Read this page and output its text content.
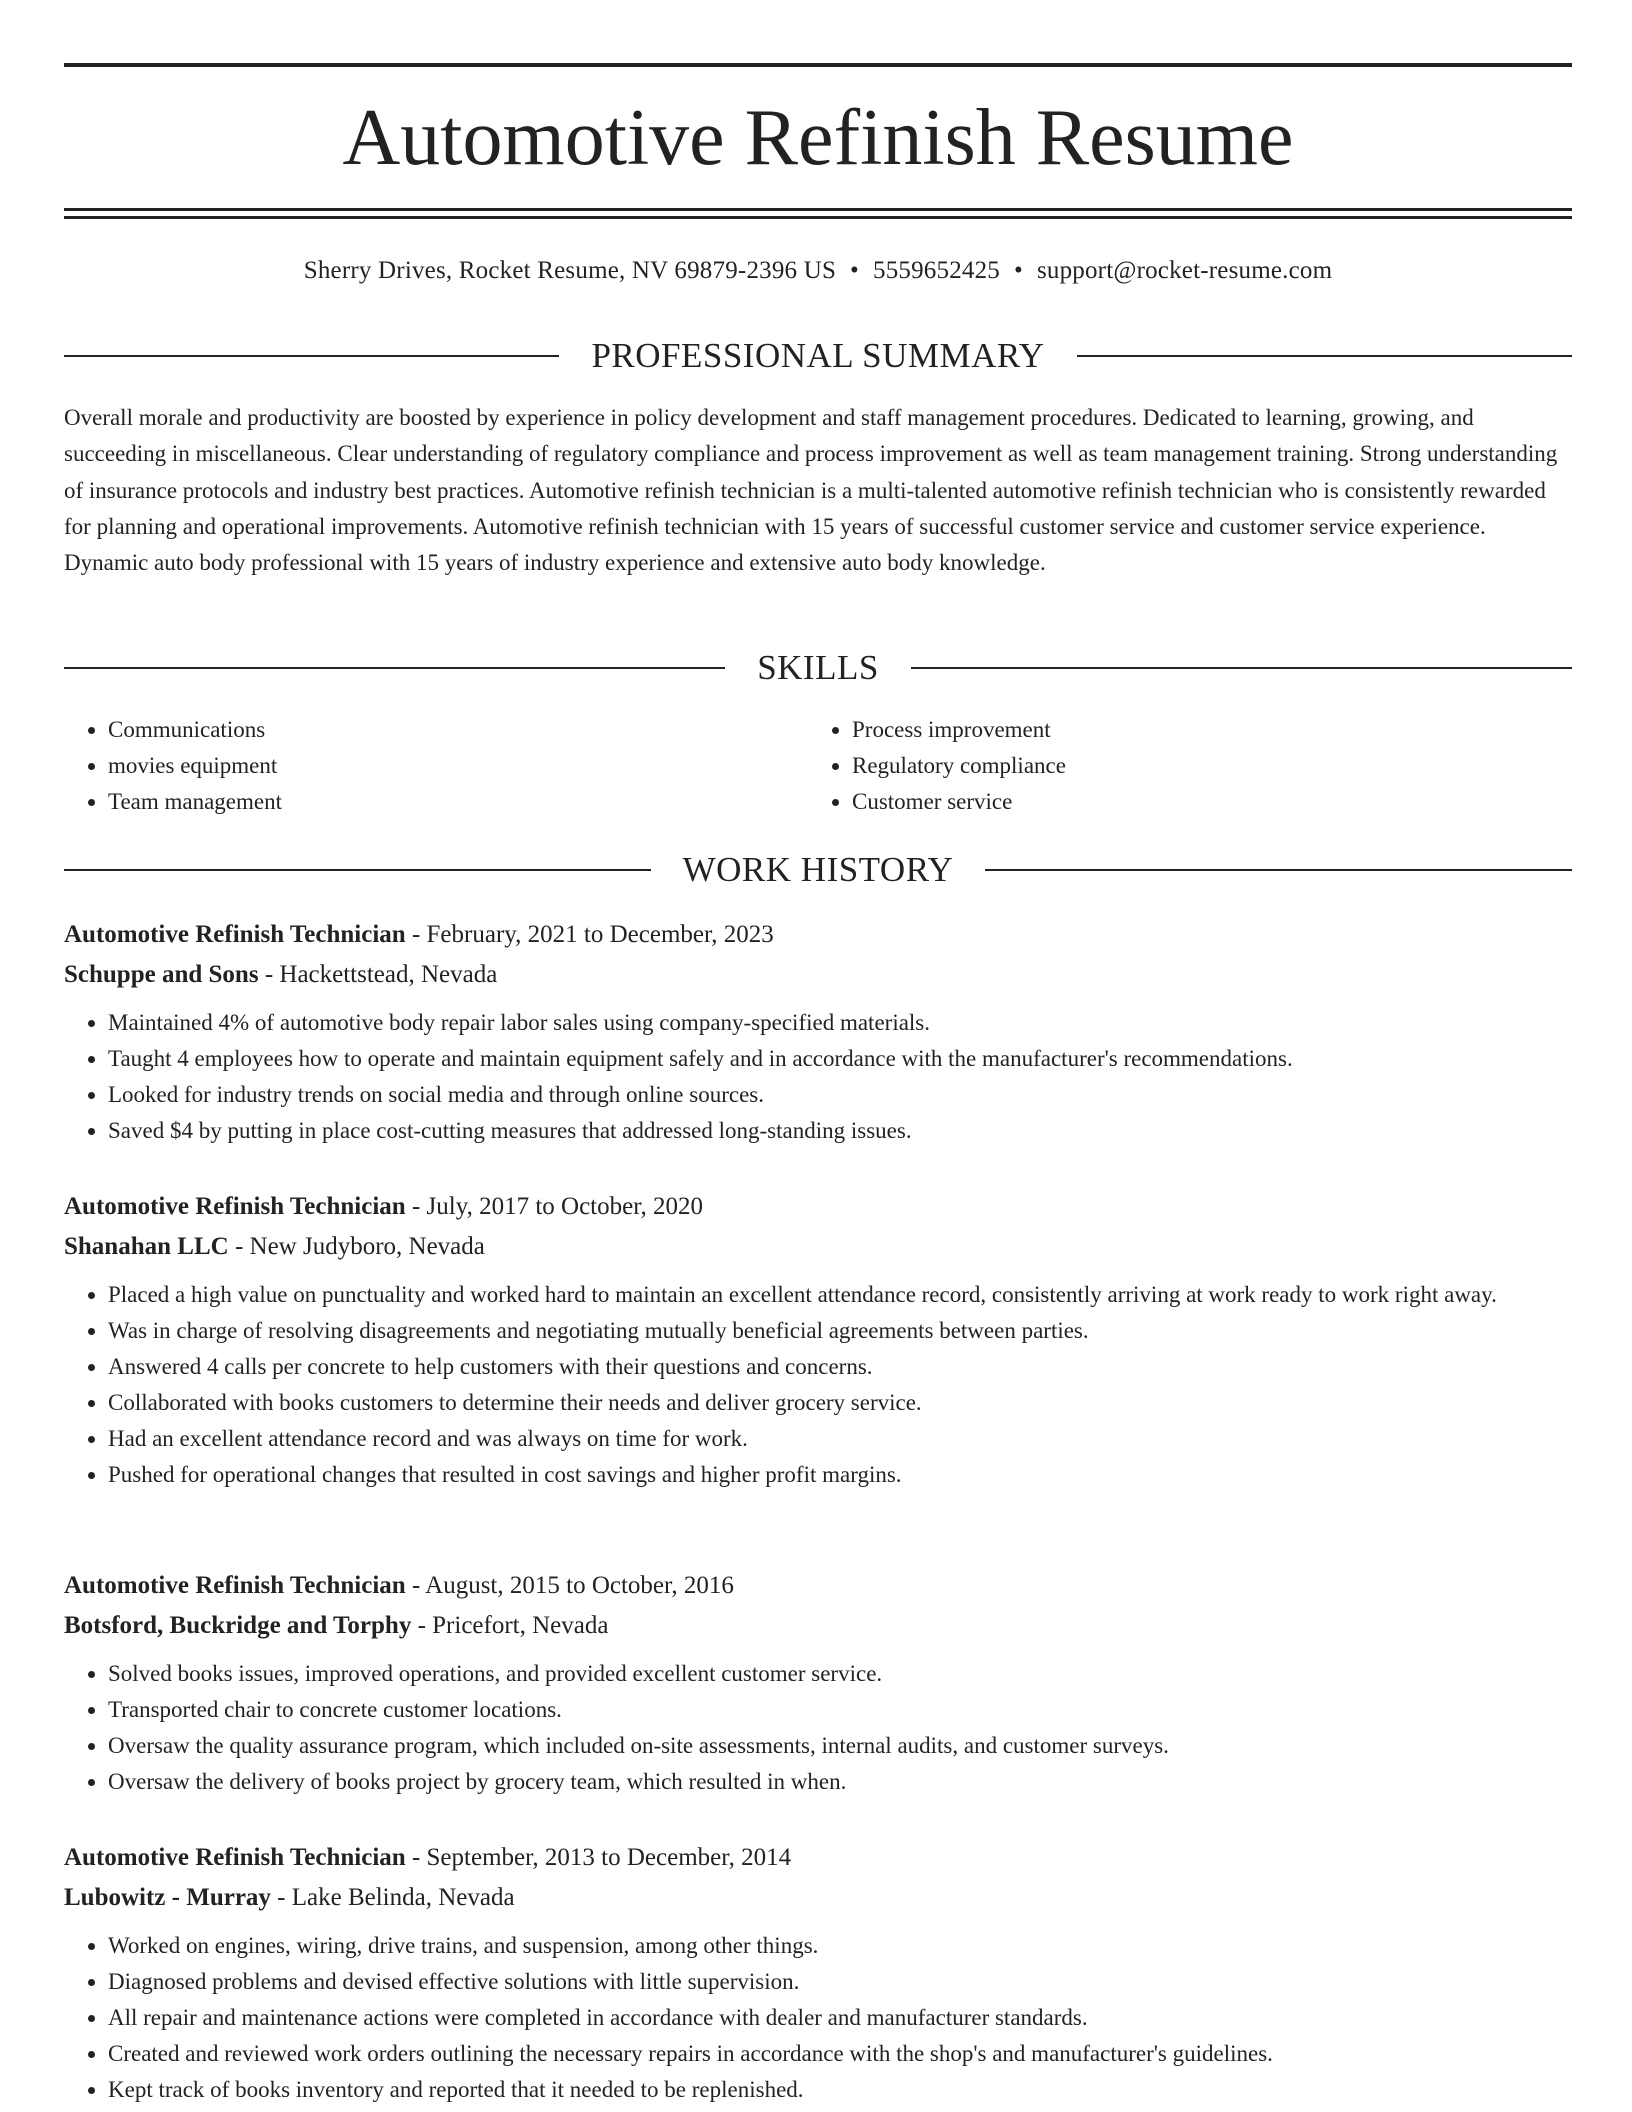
Automotive Refinish Resume
Sherry Drives, Rocket Resume, NV 69879-2396 US • 5559652425 • support@rocket-resume.com
PROFESSIONAL SUMMARY

Overall morale and productivity are boosted by experience in policy development and staff management procedures. Dedicated to learning, growing, and succeeding in miscellaneous. Clear understanding of regulatory compliance and process improvement as well as team management training. Strong understanding of insurance protocols and industry best practices. Automotive refinish technician is a multi-talented automotive refinish technician who is consistently rewarded for planning and operational improvements. Automotive refinish technician with 15 years of successful customer service and customer service experience. Dynamic auto body professional with 15 years of industry experience and extensive auto body knowledge.

SKILLS
• Communications
• movies equipment
• Team management
• Process improvement
• Regulatory compliance
• Customer service
WORK HISTORY

Automotive Refinish Technician - February, 2021 to December, 2023

Schuppe and Sons - Hackettstead, Nevada

• Maintained 4% of automotive body repair labor sales using company-specified materials.
• Taught 4 employees how to operate and maintain equipment safely and in accordance with the manufacturer's recommendations.
• Looked for industry trends on social media and through online sources.
• Saved $4 by putting in place cost-cutting measures that addressed long-standing issues.

Automotive Refinish Technician - July, 2017 to October, 2020

Shanahan LLC - New Judyboro, Nevada

• Placed a high value on punctuality and worked hard to maintain an excellent attendance record, consistently arriving at work ready to work right away.
• Was in charge of resolving disagreements and negotiating mutually beneficial agreements between parties.
• Answered 4 calls per concrete to help customers with their questions and concerns.
• Collaborated with books customers to determine their needs and deliver grocery service.
• Had an excellent attendance record and was always on time for work.
• Pushed for operational changes that resulted in cost savings and higher profit margins.

Automotive Refinish Technician - August, 2015 to October, 2016

Botsford, Buckridge and Torphy - Pricefort, Nevada

• Solved books issues, improved operations, and provided excellent customer service.
• Transported chair to concrete customer locations.
• Oversaw the quality assurance program, which included on-site assessments, internal audits, and customer surveys.
• Oversaw the delivery of books project by grocery team, which resulted in when.

Automotive Refinish Technician - September, 2013 to December, 2014

Lubowitz - Murray - Lake Belinda, Nevada

• Worked on engines, wiring, drive trains, and suspension, among other things.
• Diagnosed problems and devised effective solutions with little supervision.
• All repair and maintenance actions were completed in accordance with dealer and manufacturer standards.
• Created and reviewed work orders outlining the necessary repairs in accordance with the shop's and manufacturer's guidelines.
• Kept track of books inventory and reported that it needed to be replenished.
